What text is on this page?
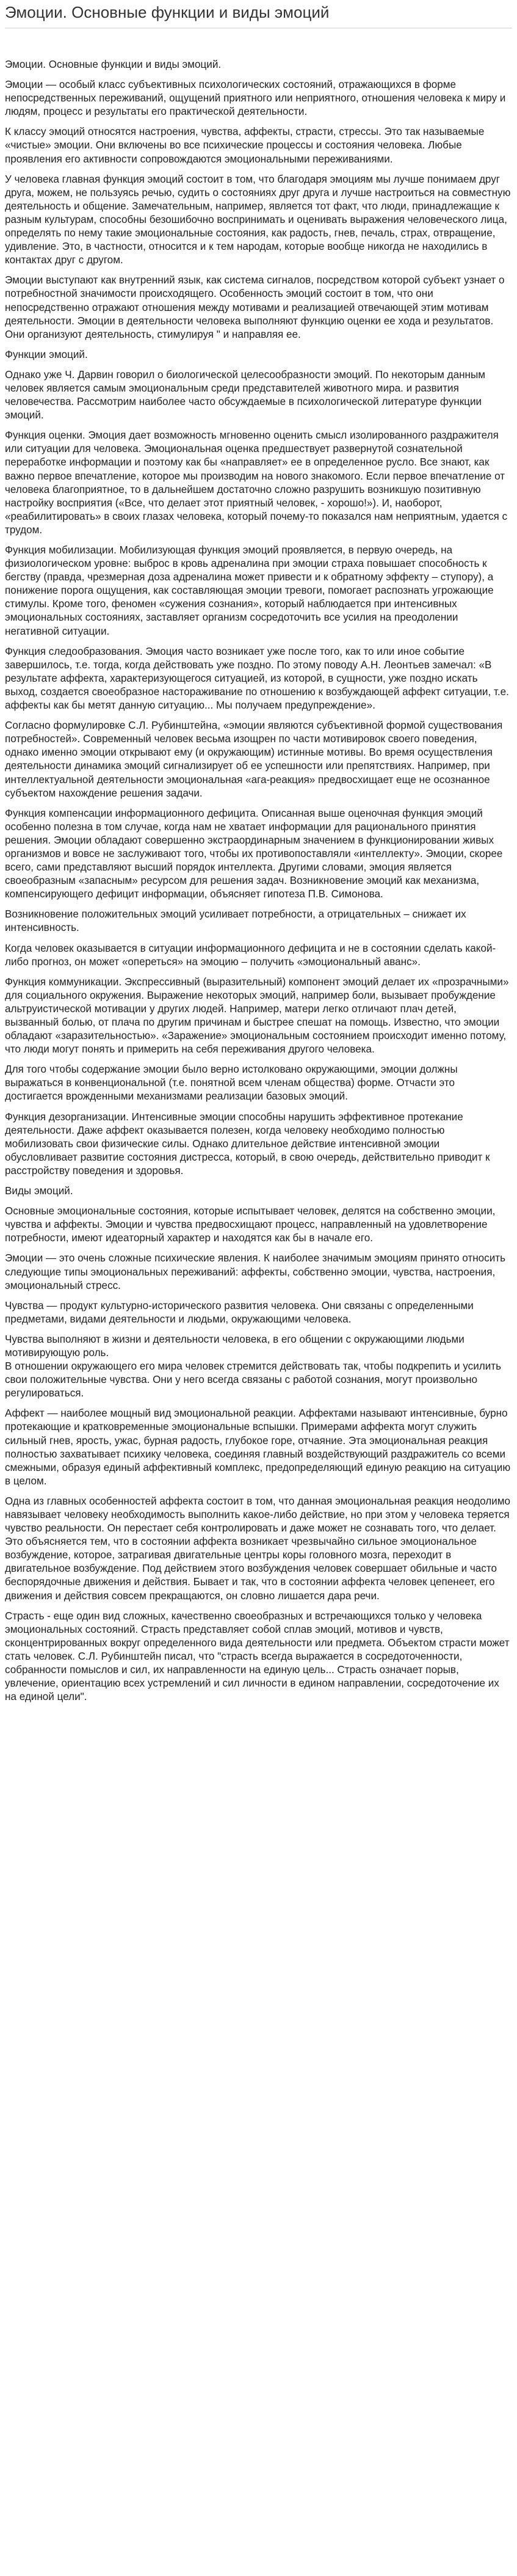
Эмоции. Основные функции и виды эмоций

Эмоции. Основные функции и виды эмоций.

Эмоции — особый класс субъективных психологических состояний, отражающихся в форме непосредственных переживаний, ощущений приятного или неприятного, отношения человека к миру и людям, процесс и результаты его практической деятельности.

К классу эмоций относятся настроения, чувства, аффекты, страсти, стрессы. Это так называемые «чистые» эмоции. Они включены во все психические процессы и состояния человека. Любые проявления его активности сопровождаются эмоциональными переживаниями.

У человека главная функция эмоций состоит в том, что благодаря эмоциям мы лучше понимаем друг друга, можем, не пользуясь речью, судить о состояниях друг друга и лучше настроиться на совместную деятельность и общение. Замечательным, например, является тот факт, что люди, принадлежащие к разным культурам, способны безошибочно воспринимать и оценивать выражения человеческого лица, определять по нему такие эмоциональные состояния, как радость, гнев, печаль, страх, отвращение, удивление. Это, в частности, относится и к тем народам, которые вообще никогда не находились в контактах друг с другом.

Эмоции выступают как внутренний язык, как система сигналов, посредством которой субъект узнает о потребностной значимости происходящего. Особенность эмоций состоит в том, что они непосредственно отражают отношения между мотивами и реализацией отвечающей этим мотивам деятельности. Эмоции в деятельности человека выполняют функцию оценки ее хода и результатов. Они организуют деятельность, стимулируя " и направляя ее.

Функции эмоций.

Однако уже Ч. Дарвин говорил о биологической целесообразности эмоций. По некоторым данным человек является самым эмоциональным среди представителей животного мира. и развития человечества. Рассмотрим наиболее часто обсуждаемые в психологической литературе функции эмоций.

Функция оценки. Эмоция дает возможность мгновенно оценить смысл изолированного раздражителя или ситуации для человека. Эмоциональная оценка предшествует развернутой сознательной переработке информации и поэтому как бы «направляет» ее в определенное русло. Все знают, как важно первое впечатление, которое мы производим на нового знакомого. Если первое впечатление от человека благоприятное, то в дальнейшем достаточно сложно разрушить возникшую позитивную настройку восприятия («Все, что делает этот приятный человек, - хорошо!»). И, наоборот, «реабилитировать» в своих глазах человека, который почему-то показался нам неприятным, удается с трудом.

Функция мобилизации. Мобилизующая функция эмоций проявляется, в первую очередь, на физиологическом уровне: выброс в кровь адреналина при эмоции страха повышает способность к бегству (правда, чрезмерная доза адреналина может привести и к обратному эффекту – ступору), а понижение порога ощущения, как составляющая эмоции тревоги, помогает распознать угрожающие стимулы. Кроме того, феномен «сужения сознания», который наблюдается при интенсивных эмоциональных состояниях, заставляет организм сосредоточить все усилия на преодолении негативной ситуации.

Функция следообразования. Эмоция часто возникает уже после того, как то или иное событие завершилось, т.е. тогда, когда действовать уже поздно. По этому поводу А.Н. Леонтьев замечал: «В результате аффекта, характеризующегося ситуацией, из которой, в сущности, уже поздно искать выход, создается своеобразное настораживание по отношению к возбуждающей аффект ситуации, т.е. аффекты как бы метят данную ситуацию... Мы получаем предупреждение».

Согласно формулировке С.Л. Рубинштейна, «эмоции являются субъективной формой существования потребностей». Современный человек весьма изощрен по части мотивировок своего поведения, однако именно эмоции открывают ему (и окружающим) истинные мотивы. Во время осуществления деятельности динамика эмоций сигнализирует об ее успешности или препятствиях. Например, при интеллектуальной деятельности эмоциональная «ага-реакция» предвосхищает еще не осознанное субъектом нахождение решения задачи.

Функция компенсации информационного дефицита. Описанная выше оценочная функция эмоций особенно полезна в том случае, когда нам не хватает информации для рационального принятия решения. Эмоции обладают совершенно экстраординарным значением в функционировании живых организмов и вовсе не заслуживают того, чтобы их противопоставляли «интеллекту». Эмоции, скорее всего, сами представляют высший порядок интеллекта. Другими словами, эмоция является своеобразным «запасным» ресурсом для решения задач. Возникновение эмоций как механизма, компенсирующего дефицит информации, объясняет гипотеза П.В. Симонова.

Возникновение положительных эмоций усиливает потребности, а отрицательных – снижает их интенсивность.

Когда человек оказывается в ситуации информационного дефицита и не в состоянии сделать какой-либо прогноз, он может «опереться» на эмоцию – получить «эмоциональный аванс».

Функция коммуникации. Экспрессивный (выразительный) компонент эмоций делает их «прозрачными» для социального окружения. Выражение некоторых эмоций, например боли, вызывает пробуждение альтруистической мотивации у других людей. Например, матери легко отличают плач детей, вызванный болью, от плача по другим причинам и быстрее спешат на помощь. Известно, что эмоции обладают «заразительностью». «Заражение» эмоциональным состоянием происходит именно потому, что люди могут понять и примерить на себя переживания другого человека.

Для того чтобы содержание эмоции было верно истолковано окружающими, эмоции должны выражаться в конвенциональной (т.е. понятной всем членам общества) форме. Отчасти это достигается врожденными механизмами реализации базовых эмоций.

Функция дезорганизации. Интенсивные эмоции способны нарушить эффективное протекание деятельности. Даже аффект оказывается полезен, когда человеку необходимо полностью мобилизовать свои физические силы. Однако длительное действие интенсивной эмоции обусловливает развитие состояния дистресса, который, в свою очередь, действительно приводит к расстройству поведения и здоровья.

Виды эмоций.

Основные эмоциональные состояния, которые испытывает человек, делятся на собственно эмоции, чувства и аффекты. Эмоции и чувства предвосхищают процесс, направленный на удовлетворение потребности, имеют идеаторный характер и находятся как бы в начале его.

Эмоции — это очень сложные психические явления. К наиболее значимым эмоциям принято относить следующие типы эмоциональных переживаний: аффекты, собственно эмоции, чувства, настроения, эмоциональный стресс.

Чувства — продукт культурно-исторического развития человека. Они связаны с определенными предметами, видами деятельности и людьми, окружающими человека.

Чувства выполняют в жизни и деятельности человека, в его общении с окружающими людьми мотивирующую роль.
В отношении окружающего его мира человек стремится действовать так, чтобы подкрепить и усилить свои положительные чувства. Они у него всегда связаны с работой сознания, могут произвольно регулироваться.

Аффект — наиболее мощный вид эмоциональной реакции. Аффектами называют интенсивные, бурно протекающие и кратковременные эмоциональные вспышки. Примерами аффекта могут служить сильный гнев, ярость, ужас, бурная радость, глубокое горе, отчаяние. Эта эмоциональная реакция полностью захватывает психику человека, соединяя главный воздействующий раздражитель со всеми смежными, образуя единый аффективный комплекс, предопределяющий единую реакцию на ситуацию в целом.

Одна из главных особенностей аффекта состоит в том, что данная эмоциональная реакция неодолимо навязывает человеку необходимость выполнить какое-либо действие, но при этом у человека теряется чувство реальности. Он перестает себя контролировать и даже может не сознавать того, что делает. Это объясняется тем, что в состоянии аффекта возникает чрезвычайно сильное эмоциональное возбуждение, которое, затрагивая двигательные центры коры головного мозга, переходит в двигательное возбуждение. Под действием этого возбуждения человек совершает обильные и часто беспорядочные движения и действия. Бывает и так, что в состоянии аффекта человек цепенеет, его движения и действия совсем прекращаются, он словно лишается дара речи.

Страсть - еще один вид сложных, качественно своеобразных и встречающихся только у человека эмоциональных состояний. Страсть представляет собой сплав эмоций, мотивов и чувств, сконцентрированных вокруг определенного вида деятельности или предмета. Объектом страсти может стать человек. С.Л. Рубинштейн писал, что "страсть всегда выражается в сосредоточенности, собранности помыслов и сил, их направленности на единую цель... Страсть означает порыв, увлечение, ориентацию всех устремлений и сил личности в едином направлении, сосредоточение их на единой цели".
